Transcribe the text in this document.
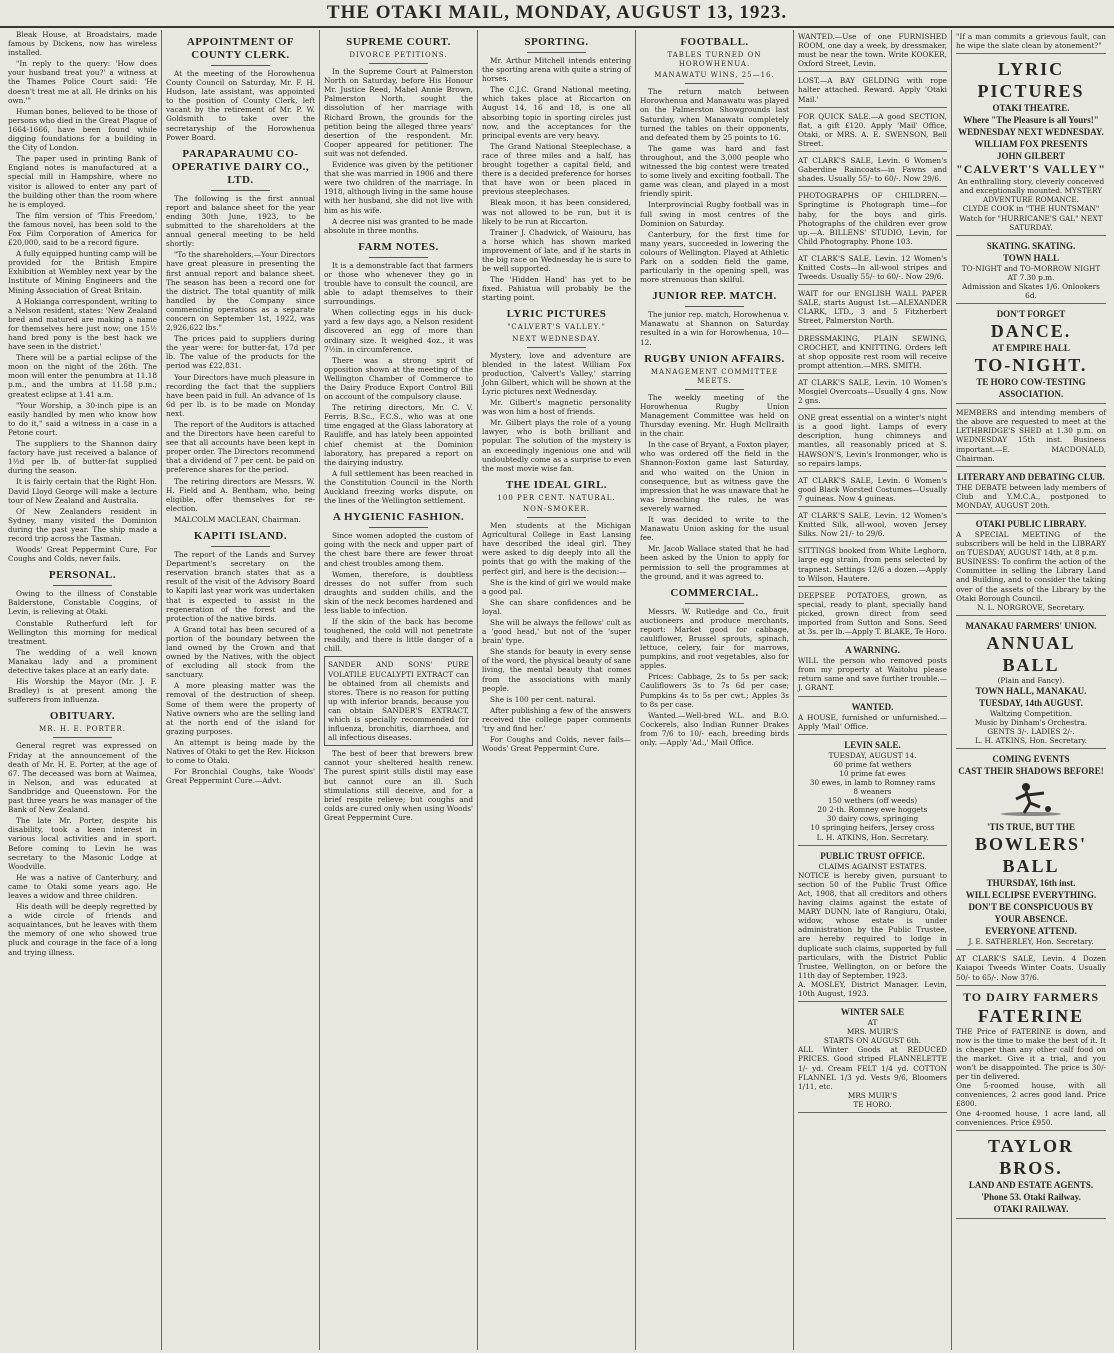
THE OTAKI MAIL, MONDAY, AUGUST 13, 1923.

Bleak House, at Broadstairs, made famous by Dickens, now has wireless installed.

"In reply to the query: 'How does your husband treat you?' a witness at the Thames Police Court said: 'He doesn't treat me at all. He drinks on his own.'"

Human bones, believed to be those of persons who died in the Great Plague of 1664-1666, have been found while digging foundations for a building in the City of London.

The paper used in printing Bank of England notes is manufactured at a special mill in Hampshire, where no visitor is allowed to enter any part of the building other than the room where he is employed.

The film version of 'This Freedom,' the famous novel, has been sold to the Fox Film Corporation of America for £20,000, said to be a record figure.

A fully equipped hunting camp will be provided for the British Empire Exhibition at Wembley next year by the Institute of Mining Engineers and the Mining Association of Great Britain.

A Hokianga correspondent, writing to a Nelson resident, states: 'New Zealand bred and matured are making a name for themselves here just now; one 15½ hand bred pony is the best hack we have seen in the district.'

There will be a partial eclipse of the moon on the night of the 26th. The moon will enter the penumbra at 11.18 p.m., and the umbra at 11.58 p.m.; greatest eclipse at 1.41 a.m.

"Your Worship, a 30-inch pipe is an easily handled by men who know how to do it," said a witness in a case in a Petone court.

The suppliers to the Shannon dairy factory have just received a balance of 1½d per lb. of butter-fat supplied during the season.

It is fairly certain that the Right Hon. David Lloyd George will make a lecture tour of New Zealand and Australia.

Of New Zealanders resident in Sydney, many visited the Dominion during the past year. The ship made a record trip across the Tasman.

Woods' Great Peppermint Cure, For Coughs and Colds, never fails.

PERSONAL.

Owing to the illness of Constable Balderstone, Constable Coggins, of Levin, is relieving at Otaki.

Constable Rutherfurd left for Wellington this morning for medical treatment.

The wedding of a well known Manakau lady and a prominent detective takes place at an early date.

His Worship the Mayor (Mr. J. F. Bradley) is at present among the sufferers from influenza.

OBITUARY.
MR. H. E. PORTER.

General regret was expressed on Friday at the announcement of the death of Mr. H. E. Porter, at the age of 67. The deceased was born at Waimea, in Nelson, and was educated at Sandbridge and Queenstown. For the past three years he was manager of the Bank of New Zealand.

The late Mr. Porter, despite his disability, took a keen interest in various local activities and in sport. Before coming to Levin he was secretary to the Masonic Lodge at Woodville.

He was a native of Canterbury, and came to Otaki some years ago. He leaves a widow and three children.

His death will be deeply regretted by a wide circle of friends and acquaintances, but he leaves with them the memory of one who showed true pluck and courage in the face of a long and trying illness.

APPOINTMENT OF COUNTY CLERK.

At the meeting of the Horowhenua County Council on Saturday, Mr. F. H. Hudson, late assistant, was appointed to the position of County Clerk, left vacant by the retirement of Mr. P. W. Goldsmith to take over the secretaryship of the Horowhenua Power Board.

PARAPARAUMU CO-OPERATIVE DAIRY CO., LTD.

The following is the first annual report and balance sheet for the year ending 30th June, 1923, to be submitted to the shareholders at the annual general meeting to be held shortly:

"To the shareholders,—Your Directors have great pleasure in presenting the first annual report and balance sheet. The season has been a record one for the district. The total quantity of milk handled by the Company since commencing operations as a separate concern on September 1st, 1922, was 2,926,622 lbs."

The prices paid to suppliers during the year were: for butter-fat, 17d per lb. The value of the products for the period was £22,831.

Your Directors have much pleasure in recording the fact that the suppliers have been paid in full. An advance of 1s 6d per lb. is to be made on Monday next.

The report of the Auditors is attached and the Directors have been careful to see that all accounts have been kept in proper order. The Directors recommend that a dividend of 7 per cent. be paid on preference shares for the period.

The retiring directors are Messrs. W. H. Field and A. Bentham, who, being eligible, offer themselves for re-election.

MALCOLM MACLEAN, Chairman.

KAPITI ISLAND.

The report of the Lands and Survey Department's secretary on the reservation branch states that as a result of the visit of the Advisory Board to Kapiti last year work was undertaken that is expected to assist in the regeneration of the forest and the protection of the native birds.

A Grand total has been secured of a portion of the boundary between the land owned by the Crown and that owned by the Natives, with the object of excluding all stock from the sanctuary.

A more pleasing matter was the removal of the destruction of sheep. Some of them were the property of Native owners who are the selling land at the north end of the island for grazing purposes.

An attempt is being made by the Natives of Otaki to get the Rev. Hickson to come to Otaki.

For Bronchial Coughs, take Woods' Great Peppermint Cure.—Advt.

SUPREME COURT.
DIVORCE PETITIONS.

In the Supreme Court at Palmerston North on Saturday, before His Honour Mr. Justice Reed, Mabel Annie Brown, Palmerston North, sought the dissolution of her marriage with Richard Brown, the grounds for the petition being the alleged three years' desertion of the respondent. Mr. Cooper appeared for petitioner. The suit was not defended.

Evidence was given by the petitioner that she was married in 1906 and there were two children of the marriage. In 1918, although living in the same house with her husband, she did not live with him as his wife.

A decree nisi was granted to be made absolute in three months.

FARM NOTES.

It is a demonstrable fact that farmers or those who whenever they go in trouble have to consult the council, are able to adapt themselves to their surroundings.

When collecting eggs in his duck-yard a few days ago, a Nelson resident discovered an egg of more than ordinary size. It weighed 4oz., it was 7½in. in circumference.

There was a strong spirit of opposition shown at the meeting of the Wellington Chamber of Commerce to the Dairy Produce Export Control Bill on account of the compulsory clause.

The retiring directors, Mr. C. V. Ferris, B.Sc., F.C.S., who was at one time engaged at the Glass laboratory at Rauliffe, and has lately been appointed chief chemist at the Dominion laboratory, has prepared a report on the dairying industry.

A full settlement has been reached in the Constitution Council in the North Auckland freezing works dispute, on the lines of the Wellington settlement.

A HYGIENIC FASHION.

Since women adopted the custom of going with the neck and upper part of the chest bare there are fewer throat and chest troubles among them.

Women, therefore, is doubtless dresses do not suffer from such draughts and sudden chills, and the skin of the neck becomes hardened and less liable to infection.

If the skin of the back has become toughened, the cold will not penetrate readily, and there is little danger of a chill.

SANDER AND SONS' PURE VOLATILE EUCALYPTI EXTRACT can be obtained from all chemists and stores. There is no reason for putting up with inferior brands, because you can obtain SANDER'S EXTRACT, which is specially recommended for influenza, bronchitis, diarrhoea, and all infectious diseases.

The best of beer that brewers brew cannot your sheltered health renew. The purest spirit stills distil may ease but cannot cure an ill. Such stimulations still deceive, and for a brief respite relieve; but coughs and colds are cured only when using Woods' Great Peppermint Cure.

SPORTING.

Mr. Arthur Mitchell intends entering the sporting arena with quite a string of horses.

The C.J.C. Grand National meeting, which takes place at Riccarton on August 14, 16 and 18, is one all absorbing topic in sporting circles just now, and the acceptances for the principal events are very heavy.

The Grand National Steeplechase, a race of three miles and a half, has brought together a capital field, and there is a decided preference for horses that have won or been placed in previous steeplechases.

Bleak moon, it has been considered, was not allowed to be run, but it is likely to be run at Riccarton.

Trainer J. Chadwick, of Waiouru, has a horse which has shown marked improvement of late, and if he starts in the big race on Wednesday he is sure to be well supported.

The 'Hidden Hand' has yet to be fixed. Pahiatua will probably be the starting point.

LYRIC PICTURES
"CALVERT'S VALLEY."
NEXT WEDNESDAY.

Mystery, love and adventure are blended in the latest William Fox production, 'Calvert's Valley,' starring John Gilbert, which will be shown at the Lyric pictures next Wednesday.

Mr. Gilbert's magnetic personality was won him a host of friends.

Mr. Gilbert plays the role of a young lawyer, who is both brilliant and popular. The solution of the mystery is an exceedingly ingenious one and will undoubtedly come as a surprise to even the most movie wise fan.

THE IDEAL GIRL.
100 PER CENT. NATURAL.
NON-SMOKER.

Men students at the Michigan Agricultural College in East Lansing have described the ideal girl. They were asked to dig deeply into all the points that go with the making of the perfect girl, and here is the decision:—

She is the kind of girl we would make a good pal.

She can share confidences and be loyal.

She will be always the fellows' cult as a 'good head,' but not of the 'super brain' type.

She stands for beauty in every sense of the word, the physical beauty of sane living, the mental beauty that comes from the associations with manly people.

She is 100 per cent. natural.

After publishing a few of the answers received the college paper comments 'try and find her.'

For Coughs and Colds, never fails—Woods' Great Peppermint Cure.

FOOTBALL.
TABLES TURNED ON HOROWHENUA.
MANAWATU WINS, 25—16.

The return match between Horowhenua and Manawatu was played on the Palmerston Showgrounds last Saturday, when Manawatu completely turned the tables on their opponents, and defeated them by 25 points to 16.

The game was hard and fast throughout, and the 3,000 people who witnessed the big contest were treated to some lively and exciting football. The game was clean, and played in a most friendly spirit.

Interprovincial Rugby football was in full swing in most centres of the Dominion on Saturday.

Canterbury, for the first time for many years, succeeded in lowering the colours of Wellington. Played at Athletic Park on a sodden field the game, particularly in the opening spell, was more strenuous than skilful.

JUNIOR REP. MATCH.

The junior rep. match, Horowhenua v. Manawatu at Shannon on Saturday resulted in a win for Horowhenua, 10—12.

RUGBY UNION AFFAIRS.
MANAGEMENT COMMITTEE MEETS.

The weekly meeting of the Horowhenua Rugby Union Management Committee was held on Thursday evening. Mr. Hugh McIlraith in the chair.

In the case of Bryant, a Foxton player, who was ordered off the field in the Shannon-Foxton game last Saturday, and who waited on the Union in consequence, but as witness gave the impression that he was unaware that he was breaching the rules, he was severely warned.

It was decided to write to the Manawatu Union asking for the usual fee.

Mr. Jacob Wallace stated that he had been asked by the Union to apply for permission to sell the programmes at the ground, and it was agreed to.

COMMERCIAL.

Messrs. W. Rutledge and Co., fruit auctioneers and produce merchants, report: Market good for cabbage, cauliflower, Brussel sprouts, spinach, lettuce, celery, fair for marrows, pumpkins, and root vegetables, also for apples.

Prices: Cabbage, 2s to 5s per sack; Cauliflowers 3s to 7s 6d per case; Pumpkins 4s to 5s per cwt.; Apples 3s to 8s per case.

Wanted.—Well-bred W.L. and B.O. Cockerels, also Indian Runner Drakes from 7/6 to 10/- each, breeding birds only. —Apply 'Ad.,' Mail Office.

WANTED.—Use of one FURNISHED ROOM, one day a week, by dressmaker, must be near the town. Write KOOKER, Oxford Street, Levin.
LOST.—A BAY GELDING with rope halter attached. Reward. Apply 'Otaki Mail.'
FOR QUICK SALE.—A good SECTION, flat, a gift £120. Apply 'Mail' Office, Otaki, or MRS. A. E. SWENSON, Bell Street.
AT CLARK'S SALE, Levin. 6 Women's Gaberdine Raincoats—in Fawns and shades. Usually 55/- to 60/-. Now 29/6.
PHOTOGRAPHS OF CHILDREN.—Springtime is Photograph time—for baby, for the boys and girls. Photographs of the children ever grow up.—A. BILLENS' STUDIO, Levin, for Child Photography. Phone 103.
AT CLARK'S SALE, Levin. 12 Women's Knitted Costs—In all-wool stripes and Tweeds. Usually 55/- to 60/-. Now 29/6.
WAIT for our ENGLISH WALL PAPER SALE, starts August 1st.—ALEXANDER CLARK, LTD., 3 and 5 Fitzherbert Street, Palmerston North.
DRESSMAKING, PLAIN SEWING, CROCHET, and KNITTING. Orders left at shop opposite rest room will receive prompt attention.—MRS. SMITH.
AT CLARK'S SALE, Levin. 10 Women's Mosgiel Overcoats—Usually 4 gns. Now 2 gns.
ONE great essential on a winter's night is a good light. Lamps of every description, hung chimneys and mantles, all reasonably priced at S. HAWSON'S, Levin's Ironmonger, who is so repairs lamps.
AT CLARK'S SALE, Levin. 6 Women's good Black Worsted Costumes—Usually 7 guineas. Now 4 guineas.
AT CLARK'S SALE, Levin. 12 Women's Knitted Silk, all-wool, woven Jersey Silks. Now 21/- to 29/6.
SITTINGS booked from White Leghorn, large egg strain, from pens selected by trapnest. Settings 12/6 a dozen.—Apply to Wilson, Hautere.
DEEPSEE POTATOES, grown, as special, ready to plant, specially hand picked, grown direct from seed imported from Sutton and Sons. Seed at 3s. per lb.—Apply T. BLAKE, Te Horo.
A WARNING.
WILL the person who removed posts from my property at Waitohu please return same and save further trouble.—J. GRANT.
WANTED.
A HOUSE, furnished or unfurnished.—Apply 'Mail' Office.
LEVIN SALE.
TUESDAY, AUGUST 14.
60 prime fat wethers
10 prime fat ewes
30 ewes, in lamb to Romney rams
8 weaners
150 wethers (off weeds)
20 2-th. Romney ewe hoggets
30 dairy cows, springing
10 springing heifers, Jersey cross
L. H. ATKINS, Hon. Secretary.
PUBLIC TRUST OFFICE.
CLAIMS AGAINST ESTATES.
NOTICE is hereby given, pursuant to section 50 of the Public Trust Office Act, 1908, that all creditors and others having claims against the estate of MARY DUNN, late of Rangiuru, Otaki, widow, whose estate is under administration by the Public Trustee, are hereby required to lodge in duplicate such claims, supported by full particulars, with the District Public Trustee, Wellington, on or before the 11th day of September, 1923.
A. MOSLEY, District Manager. Levin, 10th August, 1923.
WINTER SALE
AT
MRS. MUIR'S
STARTS ON AUGUST 6th.
ALL Winter Goods at REDUCED PRICES. Good striped FLANNELETTE 1/- yd. Cream FELT 1/4 yd. COTTON FLANNEL 1/3 yd. Vests 9/6, Bloomers 1/11, etc.
MRS MUIR'S
TE HORO.
"If a man commits a grievous fault, can he wipe the slate clean by atonement?"
LYRIC PICTURES
OTAKI THEATRE.
Where "The Pleasure is all Yours!"
WEDNESDAY NEXT WEDNESDAY.
WILLIAM FOX PRESENTS
JOHN GILBERT
"CALVERT'S VALLEY"
An enthralling story, cleverly conceived and exceptionally mounted. MYSTERY ADVENTURE ROMANCE.
CLYDE COOK in "THE HUNTSMAN"
Watch for "HURRICANE'S GAL" NEXT SATURDAY.
SKATING. SKATING.
TOWN HALL
TO-NIGHT and TO-MORROW NIGHT AT 7.30 p.m.
Admission and Skates 1/6. Onlookers 6d.
DON'T FORGET
DANCE.
AT EMPIRE HALL
TO-NIGHT.
TE HORO COW-TESTING ASSOCIATION.
MEMBERS and intending members of the above are requested to meet at the LETHBRIDGE'S SHED at 1.30 p.m. on WEDNESDAY 15th inst. Business important.—E. MACDONALD, Chairman.
LITERARY AND DEBATING CLUB.
THE DEBATE between lady members of Club and Y.M.C.A., postponed to MONDAY, AUGUST 20th.
OTAKI PUBLIC LIBRARY.
A SPECIAL MEETING of the subscribers will be held in the LIBRARY on TUESDAY, AUGUST 14th, at 8 p.m.
BUSINESS: To confirm the action of the Committee in selling the Library Land and Building, and to consider the taking over of the assets of the Library by the Otaki Borough Council.
N. L. NORGROVE, Secretary.
MANAKAU FARMERS' UNION.
ANNUAL BALL
(Plain and Fancy).
TOWN HALL, MANAKAU.
TUESDAY, 14th AUGUST.
Waltzing Competition.
Music by Dinham's Orchestra.
GENTS 3/-. LADIES 2/-.
L. H. ATKINS, Hon. Secretary.
COMING EVENTS
CAST THEIR SHADOWS BEFORE!
'TIS TRUE, BUT THE
BOWLERS' BALL
THURSDAY, 16th inst.
WILL ECLIPSE EVERYTHING.
DON'T BE CONSPICUOUS BY YOUR ABSENCE.
EVERYONE ATTEND.
J. E. SATHERLEY, Hon. Secretary.
AT CLARK'S SALE, Levin. 4 Dozen Kaiapoi Tweeds Winter Coats. Usually 50/- to 65/-. Now 37/6.
TO DAIRY FARMERS
FATERINE
THE Price of FATERINE is down, and now is the time to make the best of it. It is cheaper than any other calf food on the market. Give it a trial, and you won't be disappointed. The price is 30/- per tin delivered.
One 5-roomed house, with all conveniences, 2 acres good land. Price £800.
One 4-roomed house, 1 acre land, all conveniences. Price £950.
TAYLOR BROS.
LAND AND ESTATE AGENTS.
'Phone 53. Otaki Railway.
OTAKI RAILWAY.
